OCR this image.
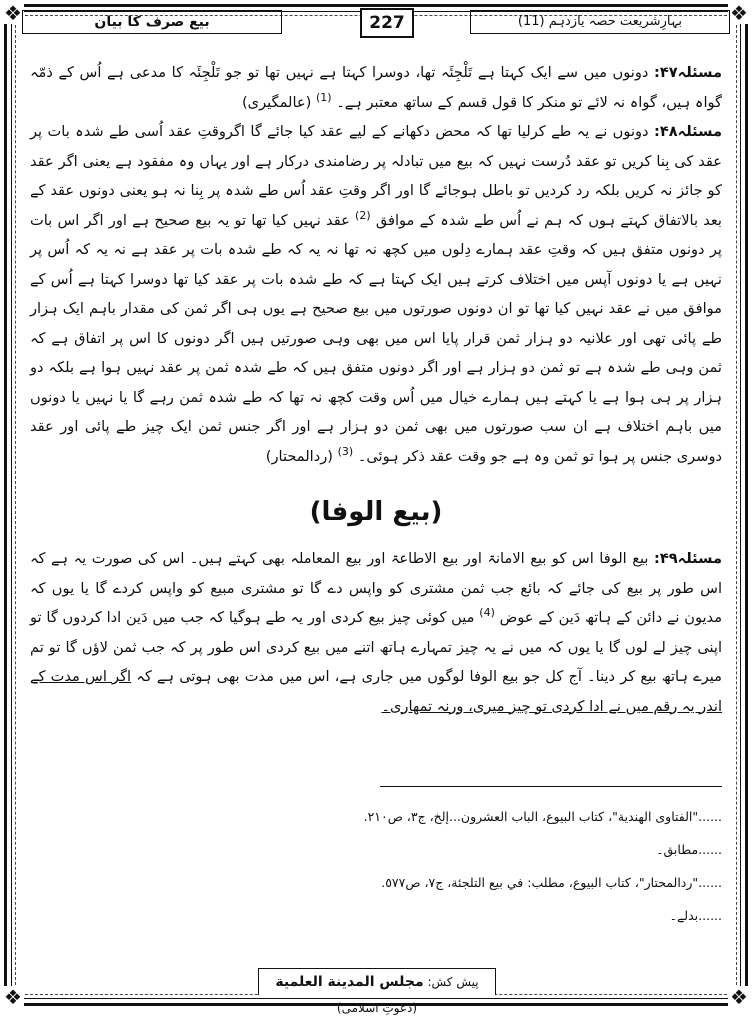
❖	❖
❖	❖
بہارِشریعت حصہ یازدہم (11)
227
بیع صرف کا بیان

مسئلہ۴۷: دونوں میں سے ایک کہتا ہے تَلْجِئَہ تھا، دوسرا کہتا ہے نہیں تھا تو جو تَلْجِئَہ کا مدعی ہے اُس کے ذمّہ گواہ ہیں، گواہ نہ لائے تو منکر کا قول قسم کے ساتھ معتبر ہے۔ $^{(1)}$ (عالمگیری)

مسئلہ۴۸: دونوں نے یہ طے کرلیا تھا کہ محض دکھانے کے لیے عقد کیا جائے گا اگروقتِ عقد اُسی طے شدہ بات پر عقد کی بِنا کریں تو عقد دُرست نہیں کہ بیع میں تبادلہ پر رضامندی درکار ہے اور یہاں وہ مفقود ہے یعنی اگر عقد کو جائز نہ کریں بلکہ رد کردیں تو باطل ہوجائے گا اور اگر وقتِ عقد اُس طے شدہ پر بِنا نہ ہو یعنی دونوں عقد کے بعد بالاتفاق کہتے ہوں کہ ہم نے اُس طے شدہ کے موافق $^{(2)}$ عقد نہیں کیا تھا تو یہ بیع صحیح ہے اور اگر اس بات پر دونوں متفق ہیں کہ وقتِ عقد ہمارے دِلوں میں کچھ نہ تھا نہ یہ کہ طے شدہ بات پر عقد ہے نہ یہ کہ اُس پر نہیں ہے یا دونوں آپس میں اختلاف کرتے ہیں ایک کہتا ہے کہ طے شدہ بات پر عقد کیا تھا دوسرا کہتا ہے اُس کے موافق میں نے عقد نہیں کیا تھا تو ان دونوں صورتوں میں بیع صحیح ہے یوں ہی اگر ثمن کی مقدار باہم ایک ہزار طے پائی تھی اور علانیہ دو ہزار ثمن قرار پایا اس میں بھی وہی صورتیں ہیں اگر دونوں کا اس پر اتفاق ہے کہ ثمن وہی طے شدہ ہے تو ثمن دو ہزار ہے اور اگر دونوں متفق ہیں کہ طے شدہ ثمن پر عقد نہیں ہوا ہے بلکہ دو ہزار پر ہی ہوا ہے یا کہتے ہیں ہمارے خیال میں اُس وقت کچھ نہ تھا کہ طے شدہ ثمن رہے گا یا نہیں یا دونوں میں باہم اختلاف ہے ان سب صورتوں میں بھی ثمن دو ہزار ہے اور اگر جنس ثمن ایک چیز طے پائی اور عقد دوسری جنس پر ہوا تو ثمن وہ ہے جو وقت عقد ذکر ہوئی۔ $^{(3)}$ (ردالمحتار)

(بیع الوفا)

مسئلہ۴۹: بیع الوفا اس کو بیع الامانۃ اور بیع الاطاعۃ اور بیع المعاملہ بھی کہتے ہیں۔ اس کی صورت یہ ہے کہ اس طور پر بیع کی جائے کہ بائع جب ثمن مشتری کو واپس دے گا تو مشتری مبیع کو واپس کردے گا یا یوں کہ مدیون نے دائن کے ہاتھ دَین کے عوض $^{(4)}$ میں کوئی چیز بیع کردی اور یہ طے ہوگیا کہ جب میں دَین ادا کردوں گا تو اپنی چیز لے لوں گا یا یوں کہ میں نے یہ چیز تمہارے ہاتھ اتنے میں بیع کردی اس طور پر کہ جب ثمن لاؤں گا تو تم میرے ہاتھ بیع کر دینا۔ آج کل جو بیع الوفا لوگوں میں جاری ہے، اس میں مدت بھی ہوتی ہے کہ اگر اس مدت کے اندر یہ رقم میں نے ادا کردی تو چیز میری، ورنہ تمھاری۔

......"الفتاوی الهندية"، كتاب البيوع، الباب العشرون...إلخ، ج٣، ص٢١٠.
......مطابق۔
......"ردالمحتار"، كتاب البيوع، مطلب: في بيع التلجئة، ج٧، ص٥٧٧.
......بدلے۔
پیش کش: مجلس المدينة العلمية (دعوتِ اسلامی)
